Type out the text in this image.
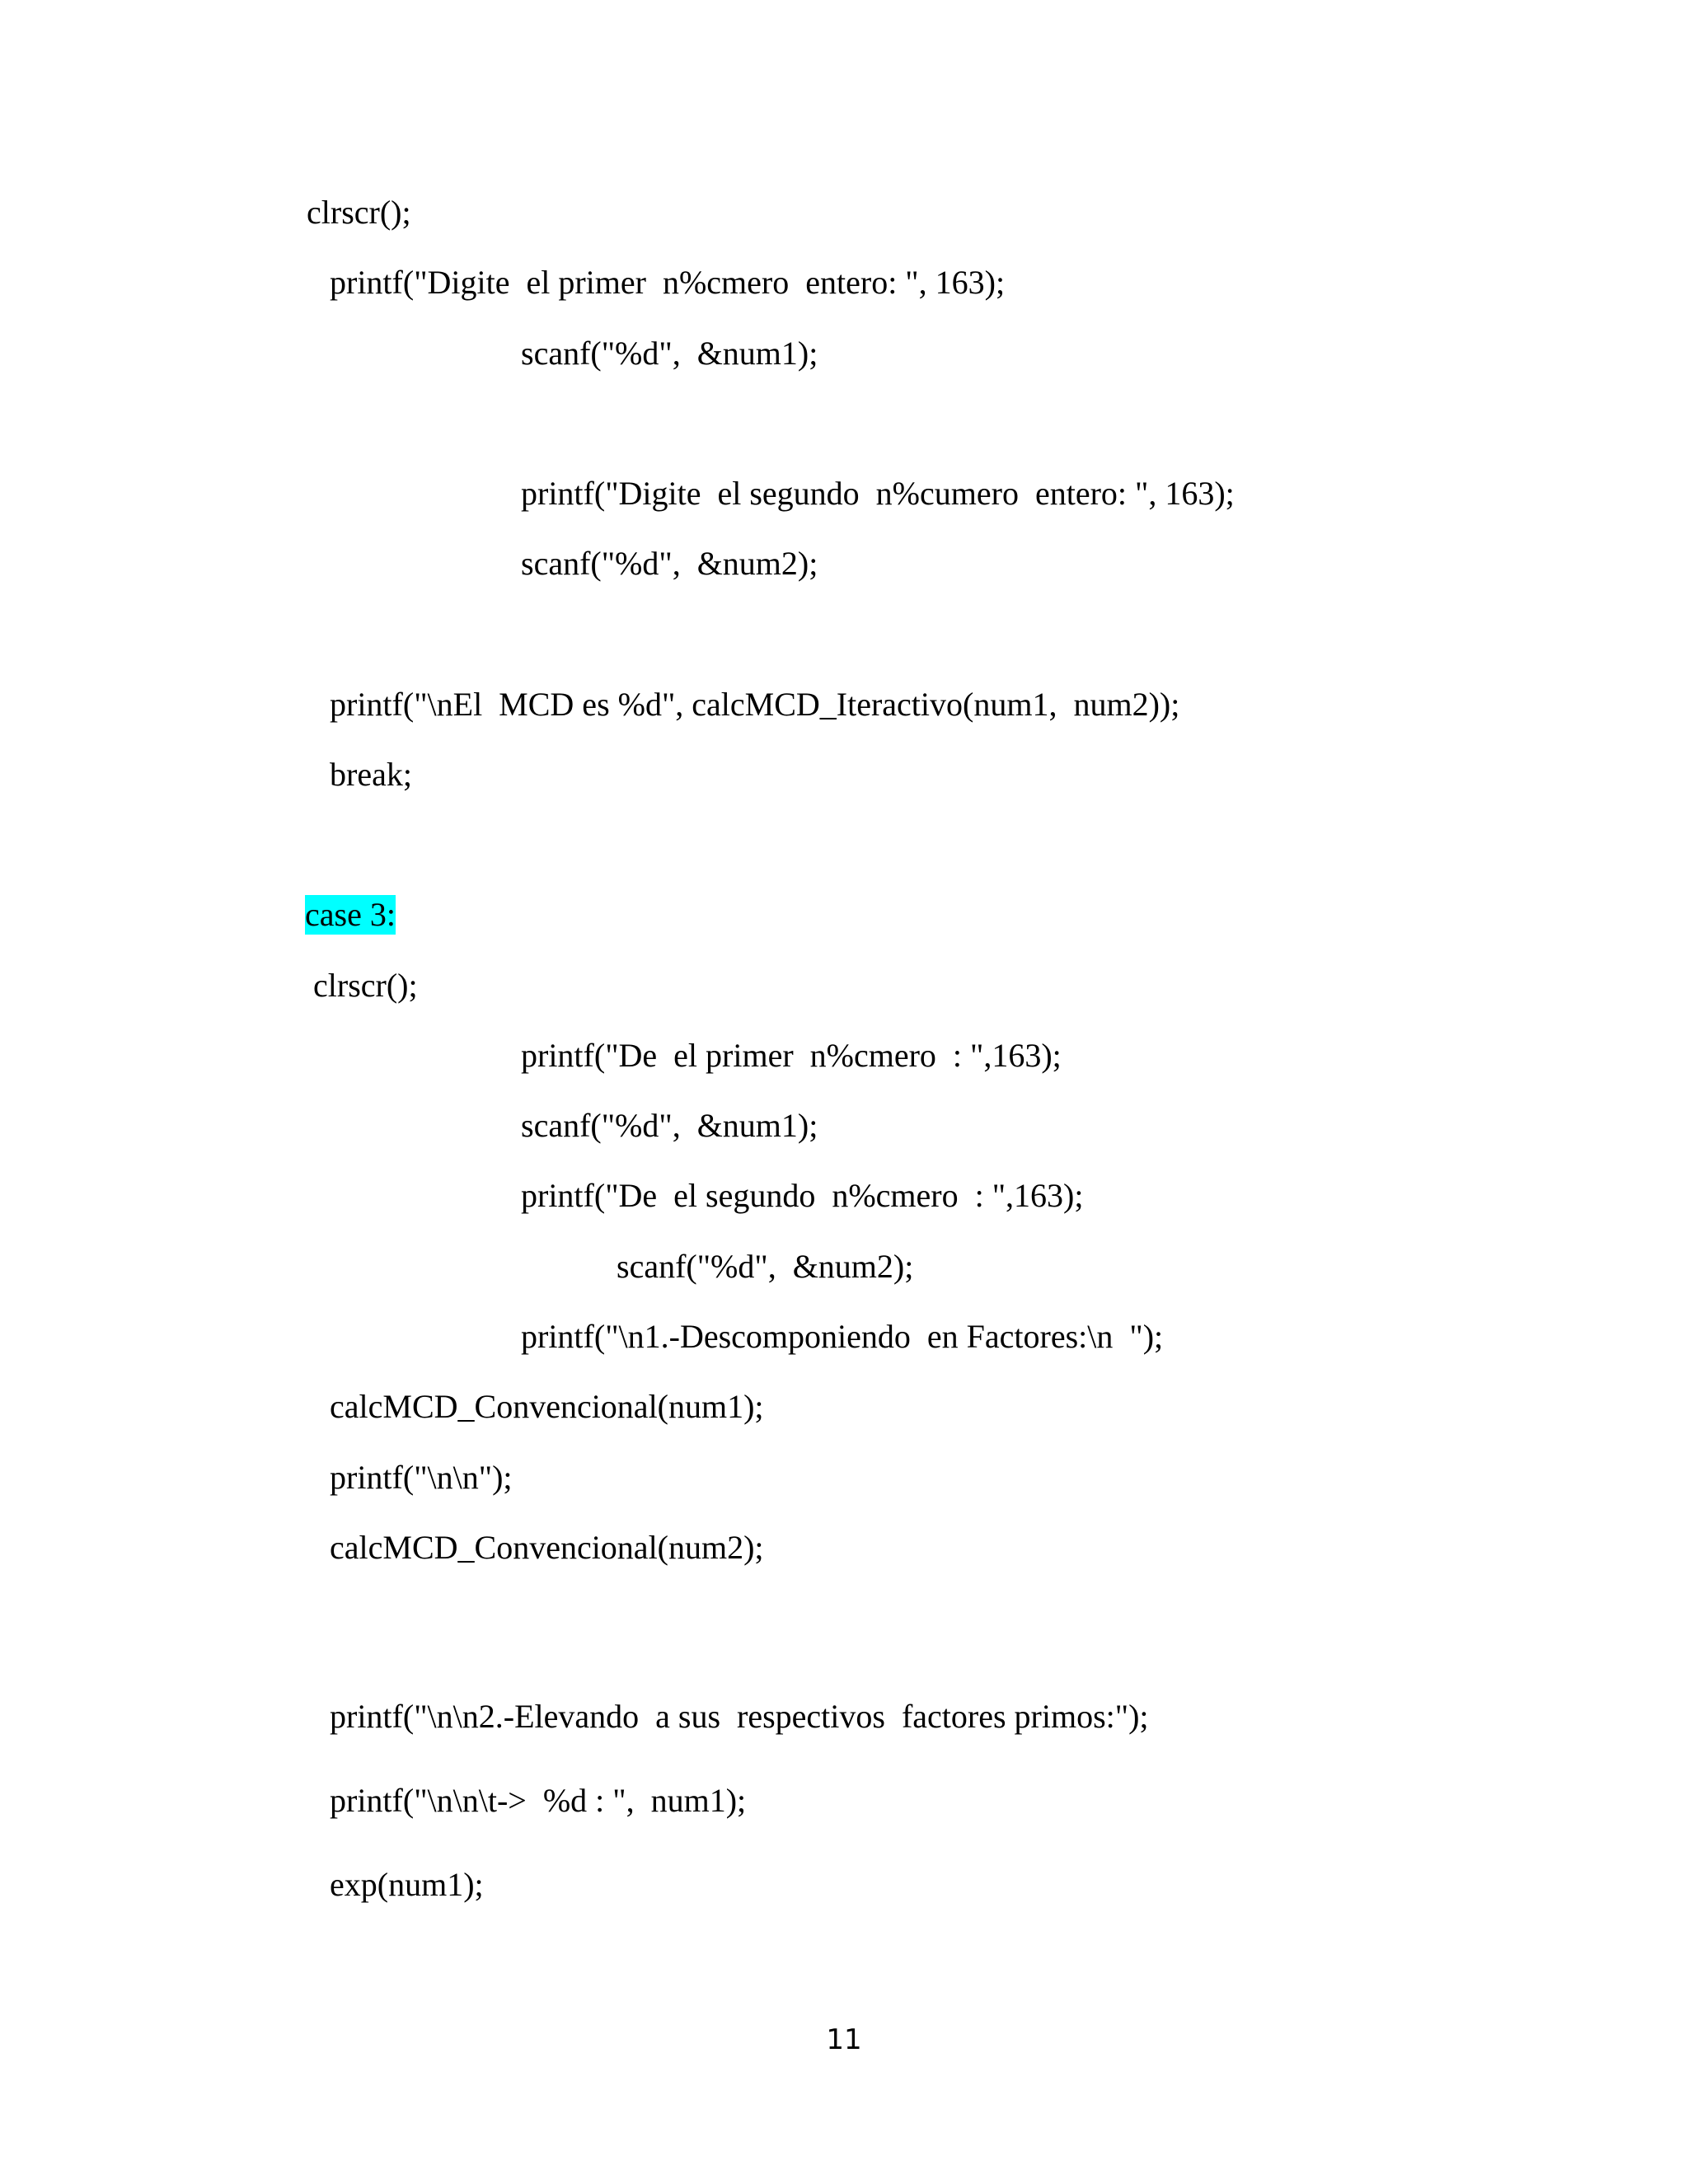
clrscr();
printf("Digite  el primer  n%cmero  entero: ", 163);
scanf("%d",  &num1);
printf("Digite  el segundo  n%cumero  entero: ", 163);
scanf("%d",  &num2);
printf("\nEl  MCD es %d", calcMCD_Iteractivo(num1,  num2));
break;
case 3:
clrscr();
printf("De  el primer  n%cmero  : ",163);
scanf("%d",  &num1);
printf("De  el segundo  n%cmero  : ",163);
scanf("%d",  &num2);
printf("\n1.-Descomponiendo  en Factores:\n  ");
calcMCD_Convencional(num1);
printf("\n\n");
calcMCD_Convencional(num2);
printf("\n\n2.-Elevando  a sus  respectivos  factores primos:");
printf("\n\n\t->  %d : ",  num1);
exp(num1);
11
